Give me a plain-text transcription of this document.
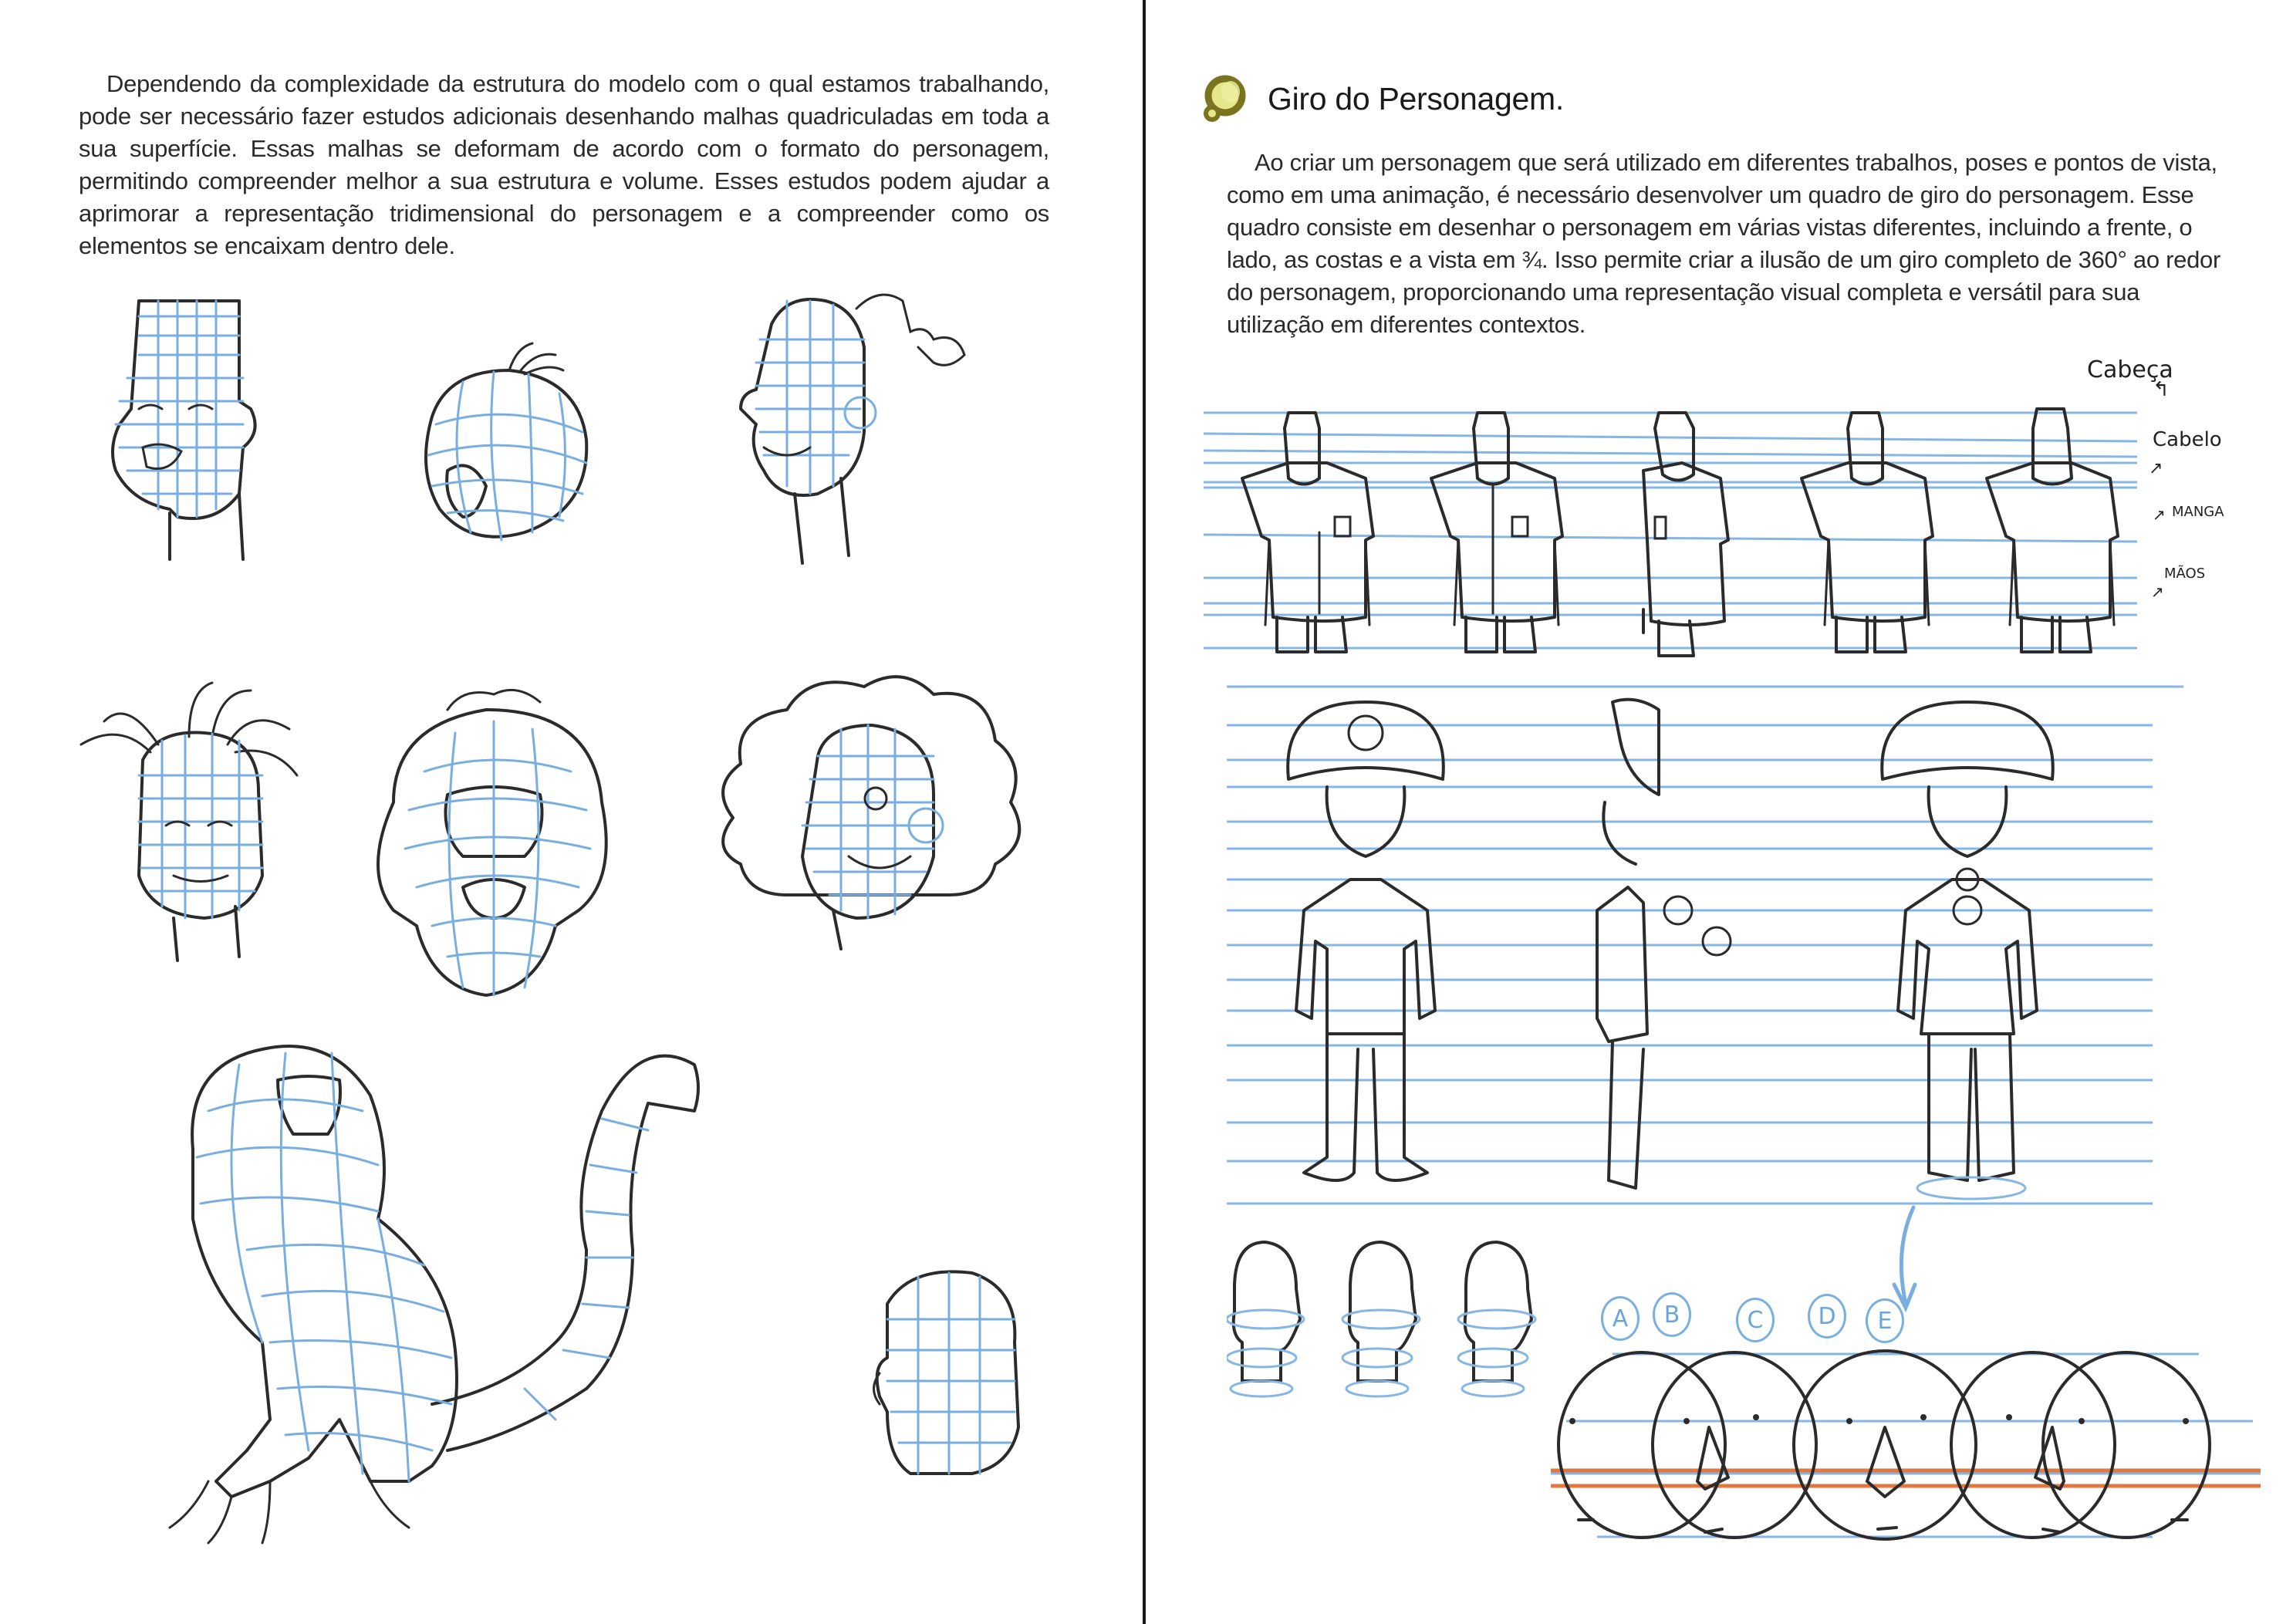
Dependendo da complexidade da estrutura do modelo com o qual estamos trabalhando, pode ser necessário fazer estudos adicionais desenhando malhas quadriculadas em toda a sua superfície. Essas malhas se deformam de acordo com o formato do personagem, permitindo compreender melhor a sua estrutura e volume. Esses estudos podem ajudar a aprimorar a representação tridimensional do personagem e a compreender como os elementos se encaixam dentro dele.

Giro do Personagem.

Ao criar um personagem que será utilizado em diferentes trabalhos, poses e pontos de vista, como em uma animação, é necessário desenvolver um quadro de giro do personagem. Esse quadro consiste em desenhar o personagem em várias vistas diferentes, incluindo a frente, o lado, as costas e a vista em ¾. Isso permite criar a ilusão de um giro completo de 360° ao redor do personagem, proporcionando uma representação visual completa e versátil para sua utilização em diferentes contextos.

Cabeça
↰
Cabelo
↗
MANGA
↗
MÃOS
↗
A	B	C	D	E
